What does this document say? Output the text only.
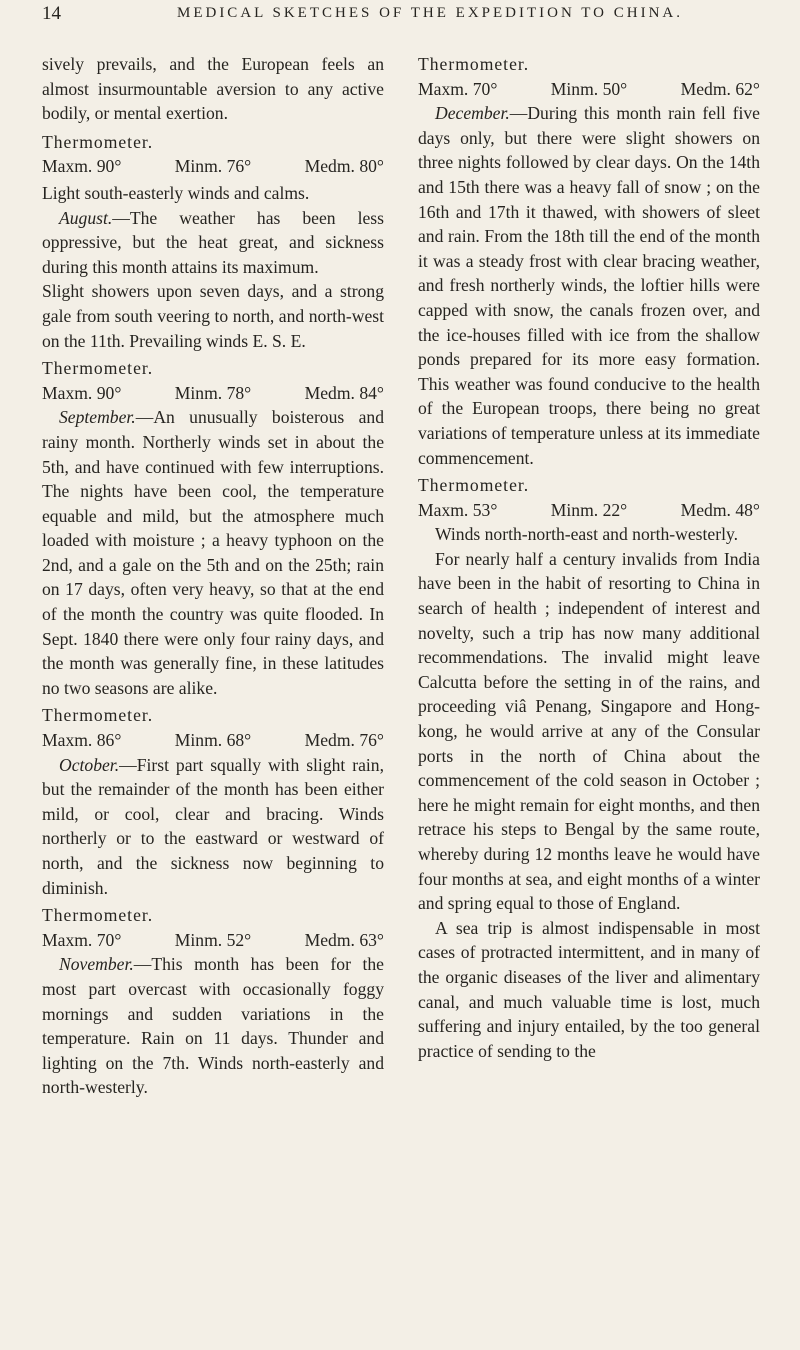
14	MEDICAL SKETCHES OF THE EXPEDITION TO CHINA.

sively prevails, and the European feels an almost insurmountable aversion to any active bodily, or mental exertion.

Thermometer.

Maxm. 90°	Minm. 76°	Medm. 80°

Light south-easterly winds and calms.

August.—The weather has been less oppressive, but the heat great, and sickness during this month attains its maximum.

Slight showers upon seven days, and a strong gale from south veering to north, and north-west on the 11th. Prevailing winds E. S. E.

Thermometer.

Maxm. 90°	Minm. 78°	Medm. 84°

September.—An unusually boisterous and rainy month. Northerly winds set in about the 5th, and have continued with few interruptions. The nights have been cool, the temperature equable and mild, but the atmosphere much loaded with moisture ; a heavy typhoon on the 2nd, and a gale on the 5th and on the 25th; rain on 17 days, often very heavy, so that at the end of the month the country was quite flooded. In Sept. 1840 there were only four rainy days, and the month was generally fine, in these latitudes no two seasons are alike.

Thermometer.

Maxm. 86°	Minm. 68°	Medm. 76°

October.—First part squally with slight rain, but the remainder of the month has been either mild, or cool, clear and bracing. Winds northerly or to the eastward or westward of north, and the sickness now beginning to diminish.

Thermometer.

Maxm. 70°	Minm. 52°	Medm. 63°

November.—This month has been for the most part overcast with occasionally foggy mornings and sudden variations in the temperature. Rain on 11 days. Thunder and lighting on the 7th. Winds north-easterly and north-westerly.

Thermometer.

Maxm. 70°	Minm. 50°	Medm. 62°

December.—During this month rain fell five days only, but there were slight showers on three nights followed by clear days. On the 14th and 15th there was a heavy fall of snow ; on the 16th and 17th it thawed, with showers of sleet and rain. From the 18th till the end of the month it was a steady frost with clear bracing weather, and fresh northerly winds, the loftier hills were capped with snow, the canals frozen over, and the ice-houses filled with ice from the shallow ponds prepared for its more easy formation. This weather was found conducive to the health of the European troops, there being no great variations of temperature unless at its immediate commencement.

Thermometer.

Maxm. 53°	Minm. 22°	Medm. 48°

Winds north-north-east and north-westerly.

For nearly half a century invalids from India have been in the habit of resorting to China in search of health ; independent of interest and novelty, such a trip has now many additional recommendations. The invalid might leave Calcutta before the setting in of the rains, and proceeding viâ Penang, Singapore and Hong-kong, he would arrive at any of the Consular ports in the north of China about the commencement of the cold season in October ; here he might remain for eight months, and then retrace his steps to Bengal by the same route, whereby during 12 months leave he would have four months at sea, and eight months of a winter and spring equal to those of England.

A sea trip is almost indispensable in most cases of protracted intermittent, and in many of the organic diseases of the liver and alimentary canal, and much valuable time is lost, much suffering and injury entailed, by the too general practice of sending to the
